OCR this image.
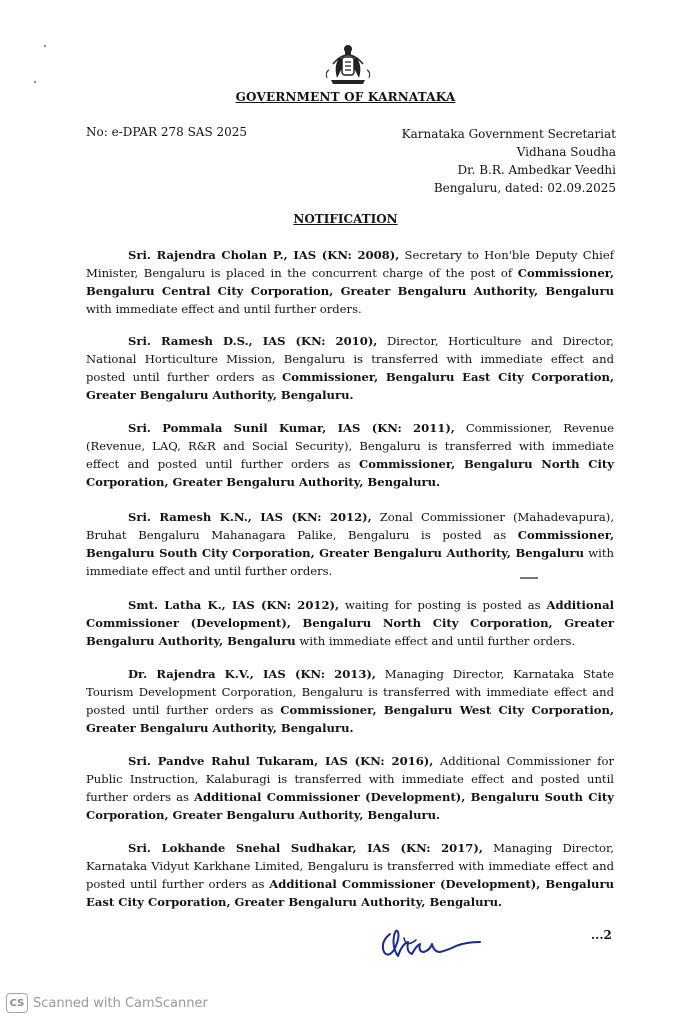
GOVERNMENT OF KARNATAKA
No: e-DPAR 278 SAS 2025	Karnataka Government Secretariat
Vidhana Soudha
Dr. B.R. Ambedkar Veedhi
Bengaluru, dated: 02.09.2025
NOTIFICATION
Sri. Rajendra Cholan P., IAS (KN: 2008), Secretary to Hon'ble Deputy Chief Minister, Bengaluru is placed in the concurrent charge of the post of Commissioner, Bengaluru Central City Corporation, Greater Bengaluru Authority, Bengaluru with immediate effect and until further orders.
Sri. Ramesh D.S., IAS (KN: 2010), Director, Horticulture and Director, National Horticulture Mission, Bengaluru is transferred with immediate effect and posted until further orders as Commissioner, Bengaluru East City Corporation, Greater Bengaluru Authority, Bengaluru.
Sri. Pommala Sunil Kumar, IAS (KN: 2011), Commissioner, Revenue (Revenue, LAQ, R&R and Social Security), Bengaluru is transferred with immediate effect and posted until further orders as Commissioner, Bengaluru North City Corporation, Greater Bengaluru Authority, Bengaluru.
Sri. Ramesh K.N., IAS (KN: 2012), Zonal Commissioner (Mahadevapura), Bruhat Bengaluru Mahanagara Palike, Bengaluru is posted as Commissioner, Bengaluru South City Corporation, Greater Bengaluru Authority, Bengaluru with immediate effect and until further orders.
Smt. Latha K., IAS (KN: 2012), waiting for posting is posted as Additional Commissioner (Development), Bengaluru North City Corporation, Greater Bengaluru Authority, Bengaluru with immediate effect and until further orders.
Dr. Rajendra K.V., IAS (KN: 2013), Managing Director, Karnataka State Tourism Development Corporation, Bengaluru is transferred with immediate effect and posted until further orders as Commissioner, Bengaluru West City Corporation, Greater Bengaluru Authority, Bengaluru.
Sri. Pandve Rahul Tukaram, IAS (KN: 2016), Additional Commissioner for Public Instruction, Kalaburagi is transferred with immediate effect and posted until further orders as Additional Commissioner (Development), Bengaluru South City Corporation, Greater Bengaluru Authority, Bengaluru.
Sri. Lokhande Snehal Sudhakar, IAS (KN: 2017), Managing Director, Karnataka Vidyut Karkhane Limited, Bengaluru is transferred with immediate effect and posted until further orders as Additional Commissioner (Development), Bengaluru East City Corporation, Greater Bengaluru Authority, Bengaluru.
...2
CS Scanned with CamScanner
